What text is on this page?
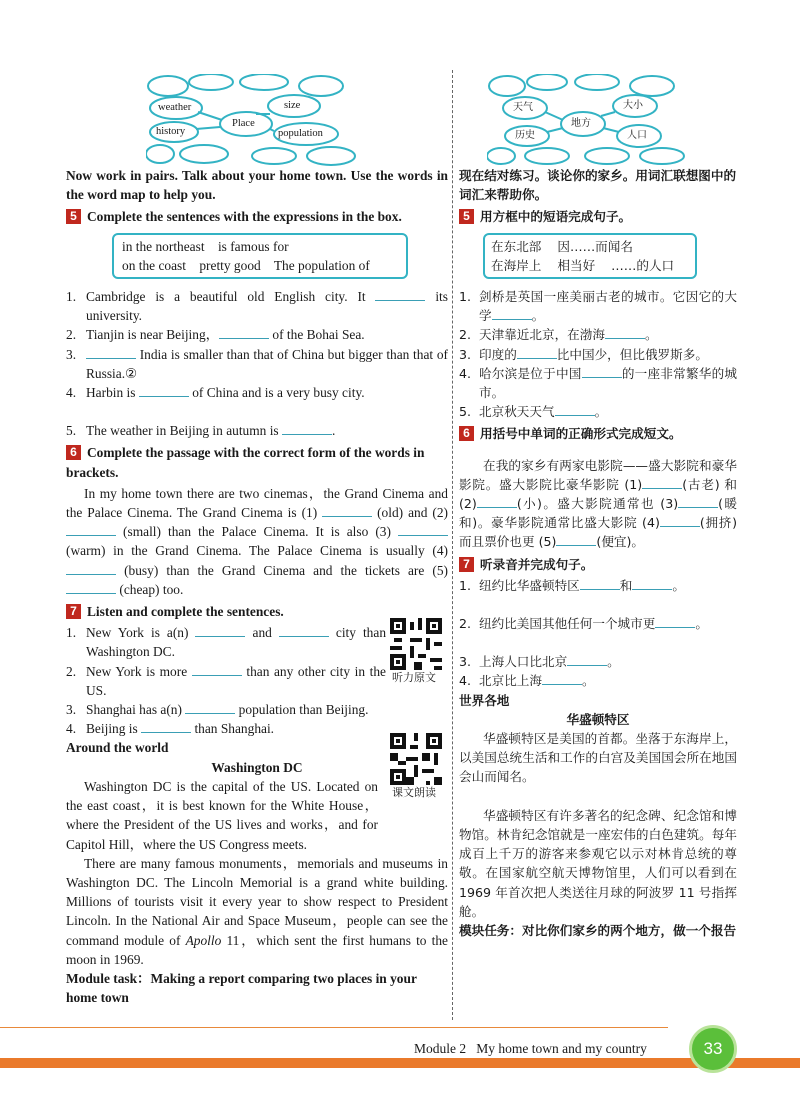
weather	size
Place
history	population

Now work in pairs. Talk about your home town. Use the words in the word map to help you.

5 Complete the sentences with the expressions in the box.
in the northeast    is famous for
on the coast    pretty good    The population of
1. Cambridge is a beautiful old English city. It	its university.
2. Tianjin is near Beijing，	of the Bohai Sea.
3.	India is smaller than that of China but bigger than that of Russia.②
4. Harbin is	of China and is a very busy city.
5. The weather in Beijing in autumn is	.
6 Complete the passage with the correct form of the words in brackets.

In my home town there are two cinemas，the Grand Cinema and the Palace Cinema. The Grand Cinema is (1)	(old) and (2)  (small) than the Palace Cinema. It is also (3)  (warm) in the Grand Cinema. The Palace Cinema is usually (4)  (busy) than the Grand Cinema and the tickets are (5)  (cheap) too.

7 Listen and complete the sentences.
1. New York is a(n)	and	city than Washington DC.
2. New York is more	than any other city in the US.
3. Shanghai has a(n)	population than Beijing.
4. Beijing is	than Shanghai.
Around the world
Washington DC

Washington DC is the capital of the US. Located on the east coast，it is best known for the White House，where the President of the US lives and works，and for Capitol Hill，where the US Congress meets.

There are many famous monuments，memorials and museums in Washington DC. The Lincoln Memorial is a grand white building. Millions of tourists visit it every year to show respect to President Lincoln. In the National Air and Space Museum，people can see the command module of Apollo 11，which sent the first humans to the moon in 1969.

Module task：Making a report comparing two places in your home town

听力原文
课文朗读
天气	大小
地方
历史	人口

现在结对练习。谈论你的家乡。用词汇联想图中的词汇来帮助你。

5 用方框中的短语完成句子。
在东北部    因……而闻名
在海岸上    相当好    ……的人口
1. 剑桥是英国一座美丽古老的城市。它因它的大学	。
2. 天津靠近北京，在渤海	。
3. 印度的	比中国少，但比俄罗斯多。
4. 哈尔滨是位于中国	的一座非常繁华的城市。
5. 北京秋天天气	。
6 用括号中单词的正确形式完成短文。

在我的家乡有两家电影院——盛大影院和豪华影院。盛大影院比豪华影院 (1)	(古老) 和 (2)	(小)。盛大影院通常也 (3)	(暖和)。豪华影院通常比盛大影院 (4)	(拥挤) 而且票价也更 (5)	(便宜)。

7 听录音并完成句子。
1. 纽约比华盛顿特区	和	。
2. 纽约比美国其他任何一个城市更	。
3. 上海人口比北京	。
4. 北京比上海	。
世界各地
华盛顿特区

华盛顿特区是美国的首都。坐落于东海岸上，以美国总统生活和工作的白宫及美国国会所在地国会山而闻名。

华盛顿特区有许多著名的纪念碑、纪念馆和博物馆。林肯纪念馆就是一座宏伟的白色建筑。每年成百上千万的游客来参观它以示对林肯总统的尊敬。在国家航空航天博物馆里，人们可以看到在 1969 年首次把人类送往月球的阿波罗 11 号指挥舱。

模块任务：对比你们家乡的两个地方，做一个报告

Module 2 My home town and my country	33
